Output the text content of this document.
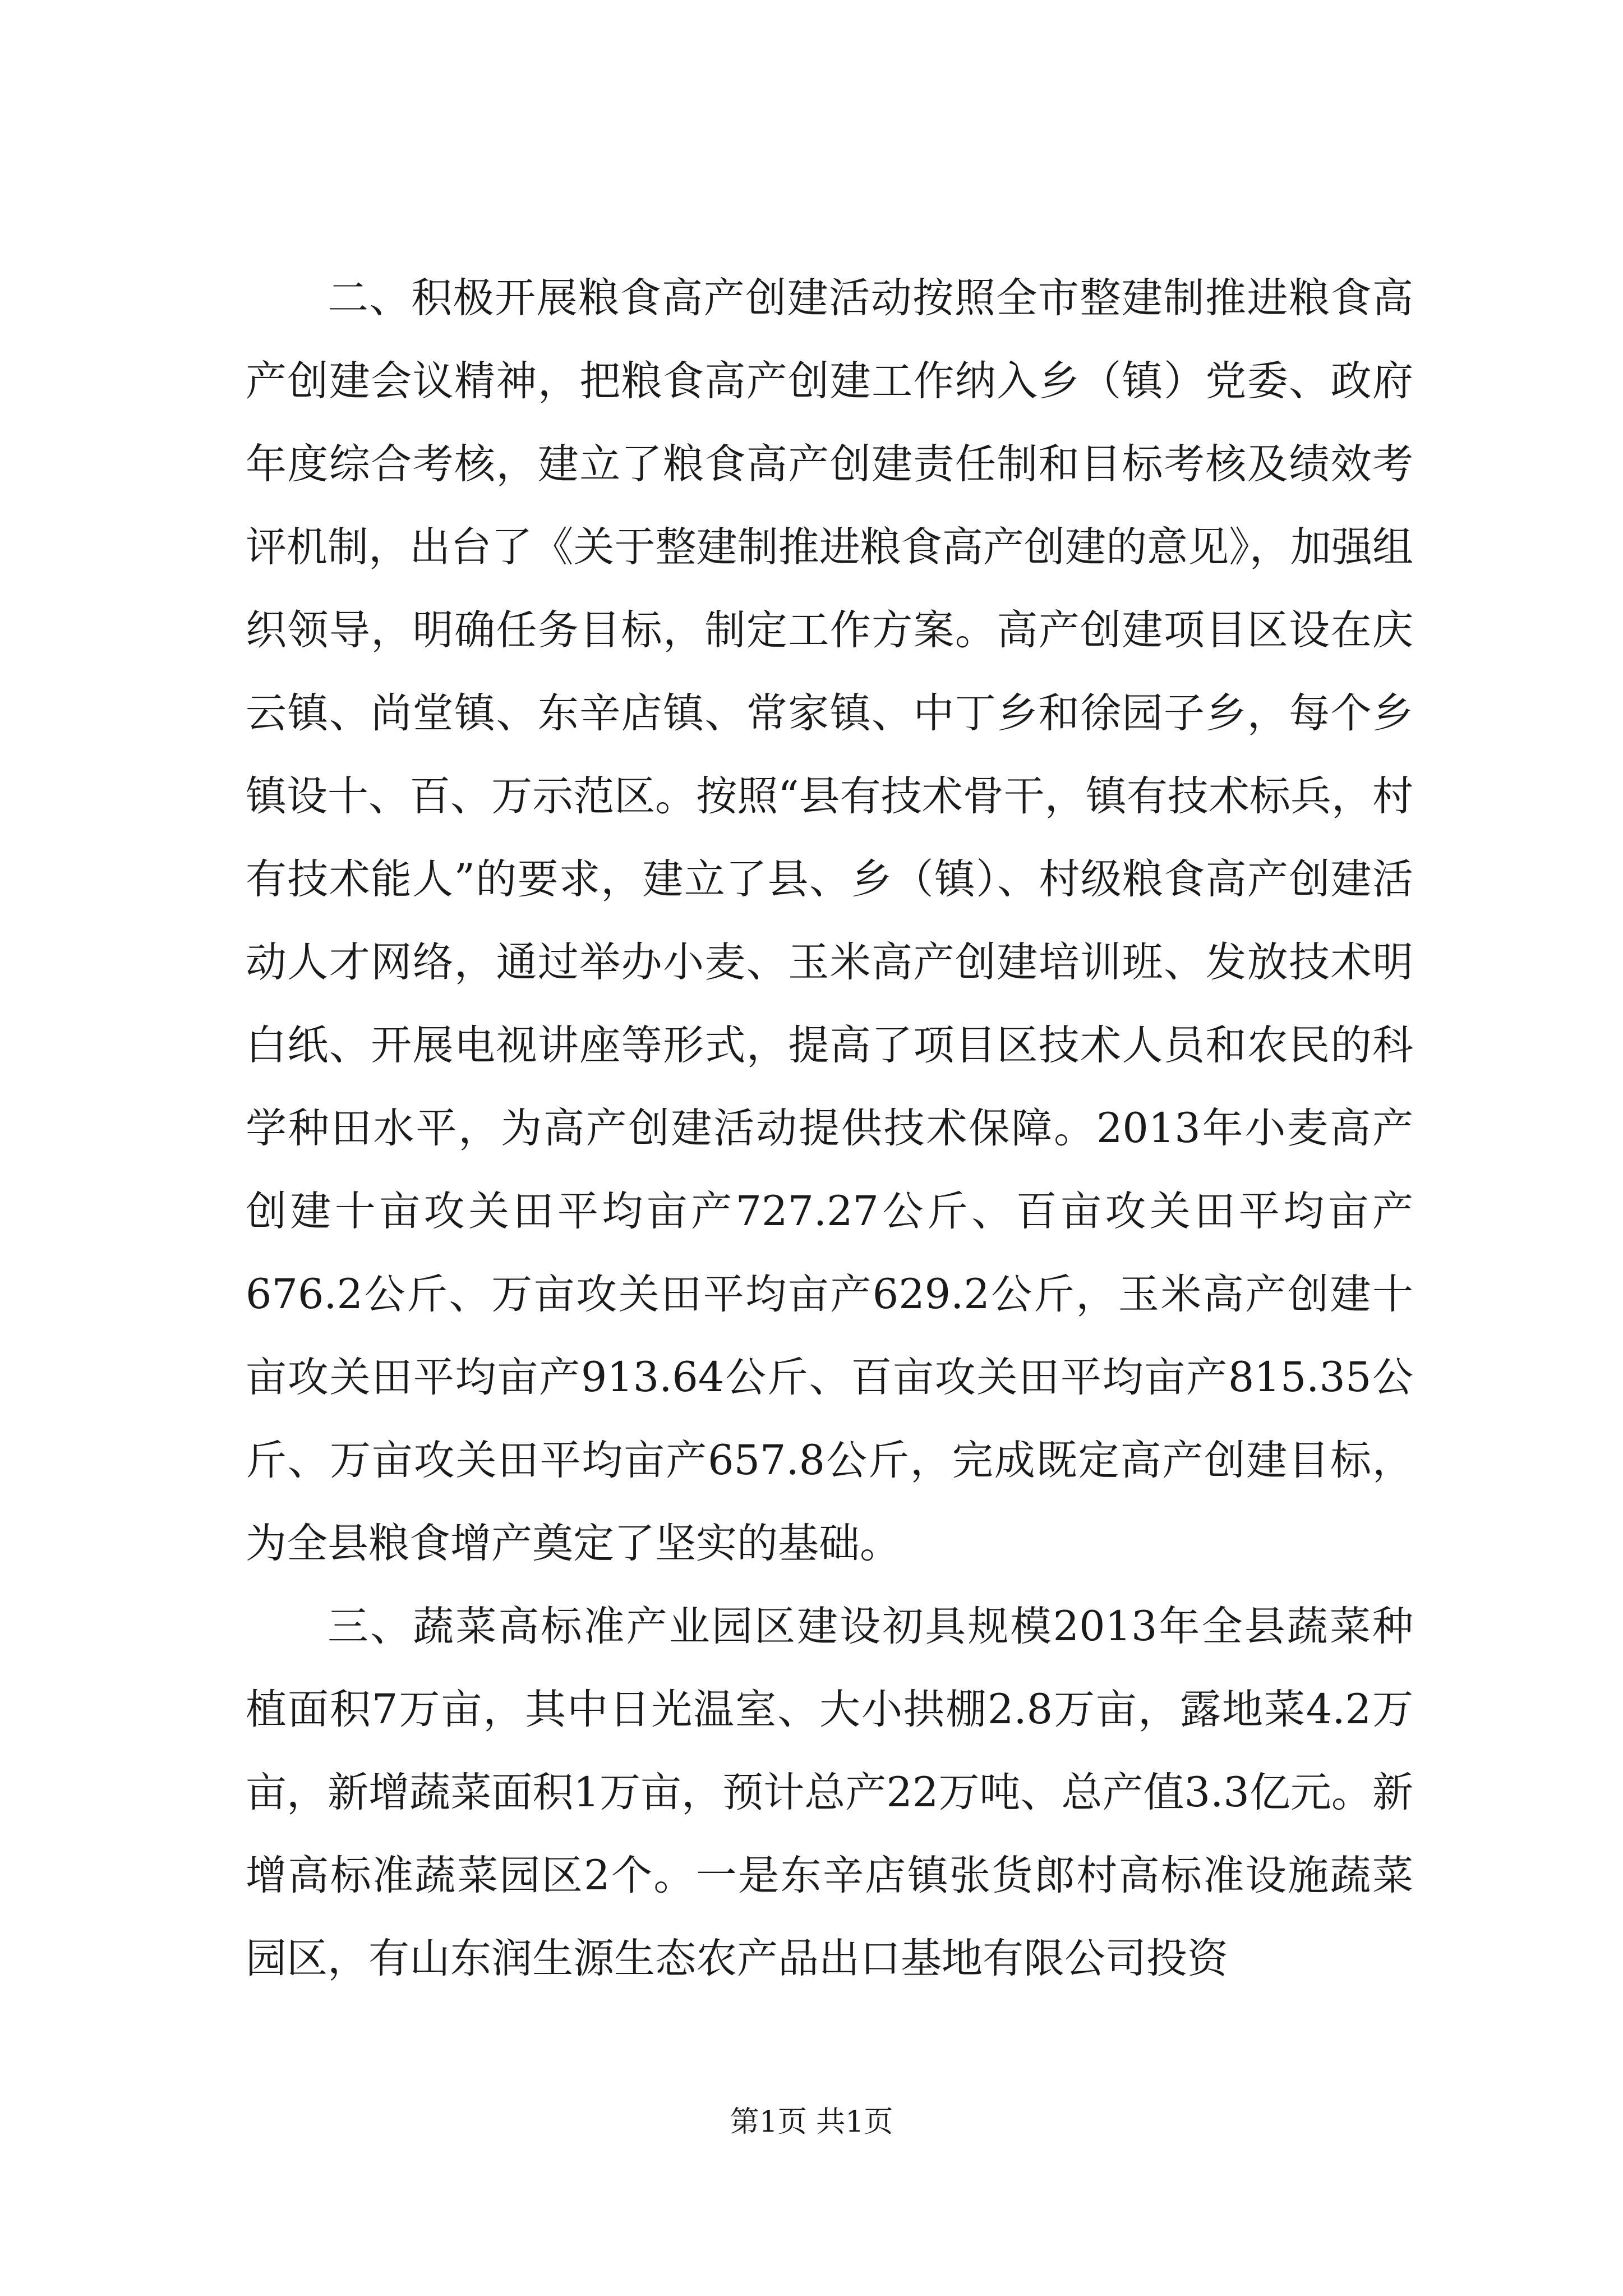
二、积极开展粮食高产创建活动按照全市整建制推进粮食高产创建会议精神，把粮食高产创建工作纳入乡（镇）党委、政府年度综合考核，建立了粮食高产创建责任制和目标考核及绩效考评机制，出台了《关于整建制推进粮食高产创建的意见》，加强组织领导，明确任务目标，制定工作方案。高产创建项目区设在庆云镇、尚堂镇、东辛店镇、常家镇、中丁乡和徐园子乡，每个乡镇设十、百、万示范区。按照“县有技术骨干，镇有技术标兵，村有技术能人”的要求，建立了县、乡（镇）、村级粮食高产创建活动人才网络，通过举办小麦、玉米高产创建培训班、发放技术明白纸、开展电视讲座等形式，提高了项目区技术人员和农民的科学种田水平，为高产创建活动提供技术保障。2013年小麦高产创建十亩攻关田平均亩产727.27公斤、百亩攻关田平均亩产676.2公斤、万亩攻关田平均亩产629.2公斤，玉米高产创建十亩攻关田平均亩产913.64公斤、百亩攻关田平均亩产815.35公斤、万亩攻关田平均亩产657.8公斤，完成既定高产创建目标，为全县粮食增产奠定了坚实的基础。

三、蔬菜高标准产业园区建设初具规模2013年全县蔬菜种植面积7万亩，其中日光温室、大小拱棚2.8万亩，露地菜4.2万亩，新增蔬菜面积1万亩，预计总产22万吨、总产值3.3亿元。新增高标准蔬菜园区2个。一是东辛店镇张货郎村高标准设施蔬菜园区，有山东润生源生态农产品出口基地有限公司投资

第1页 共1页
